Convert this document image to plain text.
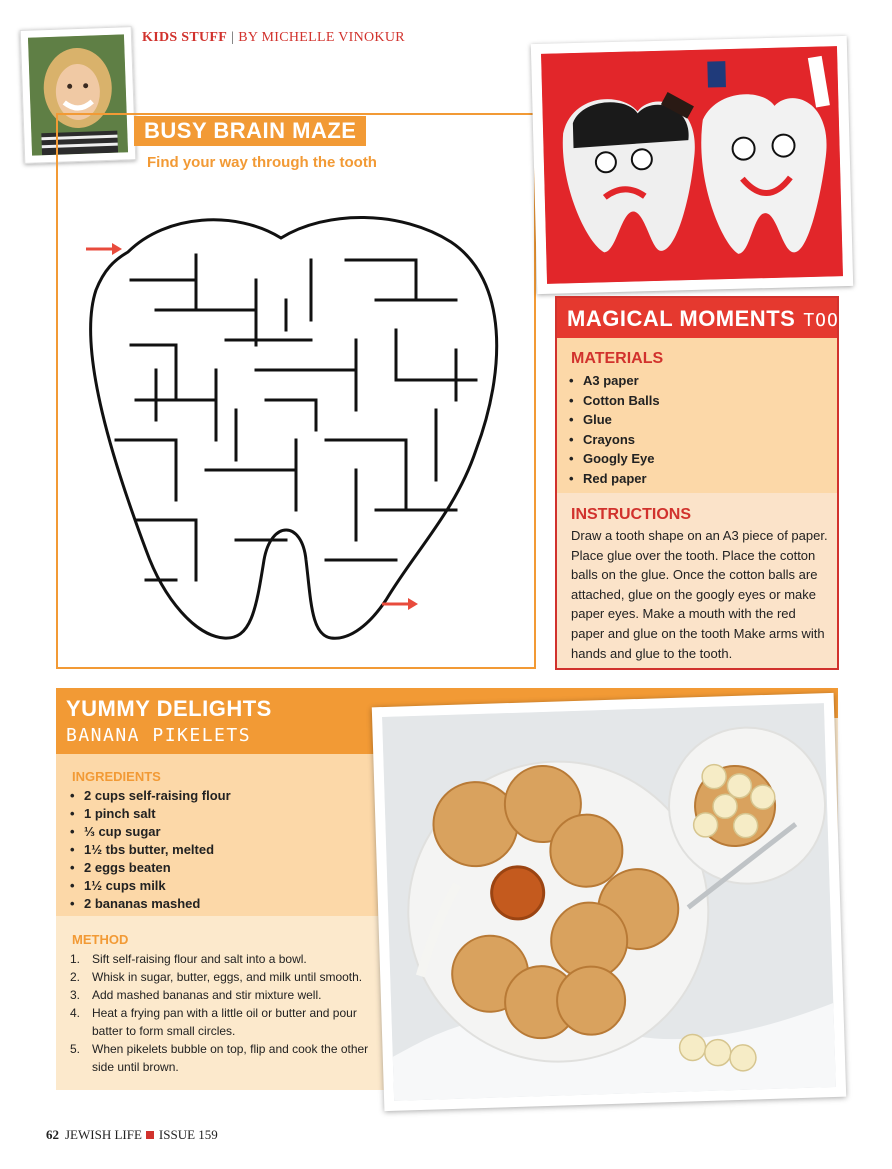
KIDS STUFF | BY MICHELLE VINOKUR
BUSY BRAIN MAZE
Find your way through the tooth
MAGICAL MOMENTS TOOTH
MATERIALS
• A3 paper
• Cotton Balls
• Glue
• Crayons
• Googly Eye
• Red paper
INSTRUCTIONS
Draw a tooth shape on an A3 piece of paper. Place glue over the tooth. Place the cotton balls on the glue. Once the cotton balls are attached, glue on the googly eyes or make paper eyes. Make a mouth with the red paper and glue on the tooth Make arms with hands and glue to the tooth.
YUMMY DELIGHTS
BANANA PIKELETS
INGREDIENTS
• 2 cups self-raising flour
• 1 pinch salt
• ⅓ cup sugar
• 1½ tbs butter, melted
• 2 eggs beaten
• 1½ cups milk
• 2 bananas mashed
METHOD
1. Sift self-raising flour and salt into a bowl.
2. Whisk in sugar, butter, eggs, and milk until smooth.
3. Add mashed bananas and stir mixture well.
4. Heat a frying pan with a little oil or butter and pour batter to form small circles.
5. When pikelets bubble on top, flip and cook the other side until brown.
62 JEWISH LIFE ISSUE 159
